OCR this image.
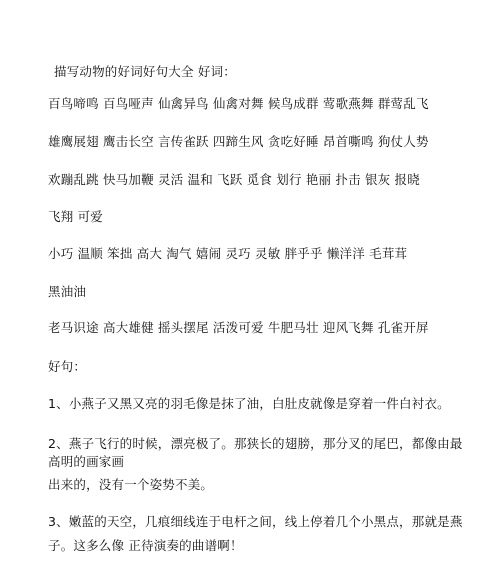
描写动物的好词好句大全 好词：
百鸟啼鸣 百鸟哑声 仙禽异鸟 仙禽对舞 候鸟成群 莺歌燕舞 群莺乱飞
雄鹰展翅 鹰击长空 言传雀跃 四蹄生风 贪吃好睡 昂首嘶鸣 狗仗人势
欢蹦乱跳 快马加鞭 灵活 温和 飞跃 觅食 划行 艳丽 扑击 银灰 报晓
飞翔 可爱
小巧 温顺 笨拙 高大 淘气 嬉闹 灵巧 灵敏 胖乎乎 懒洋洋 毛茸茸
黑油油
老马识途 高大雄健 摇头摆尾 活泼可爱 牛肥马壮 迎风飞舞 孔雀开屏
好句：
1、小燕子又黑又亮的羽毛像是抹了油，白肚皮就像是穿着一件白衬衣。
2、燕子飞行的时候，漂亮极了。那狭长的翅膀，那分叉的尾巴，都像由最
高明的画家画
出来的，没有一个姿势不美。
3、嫩蓝的天空，几痕细线连于电杆之间，线上停着几个小黑点，那就是燕
子。这多么像 正待演奏的曲谱啊！
